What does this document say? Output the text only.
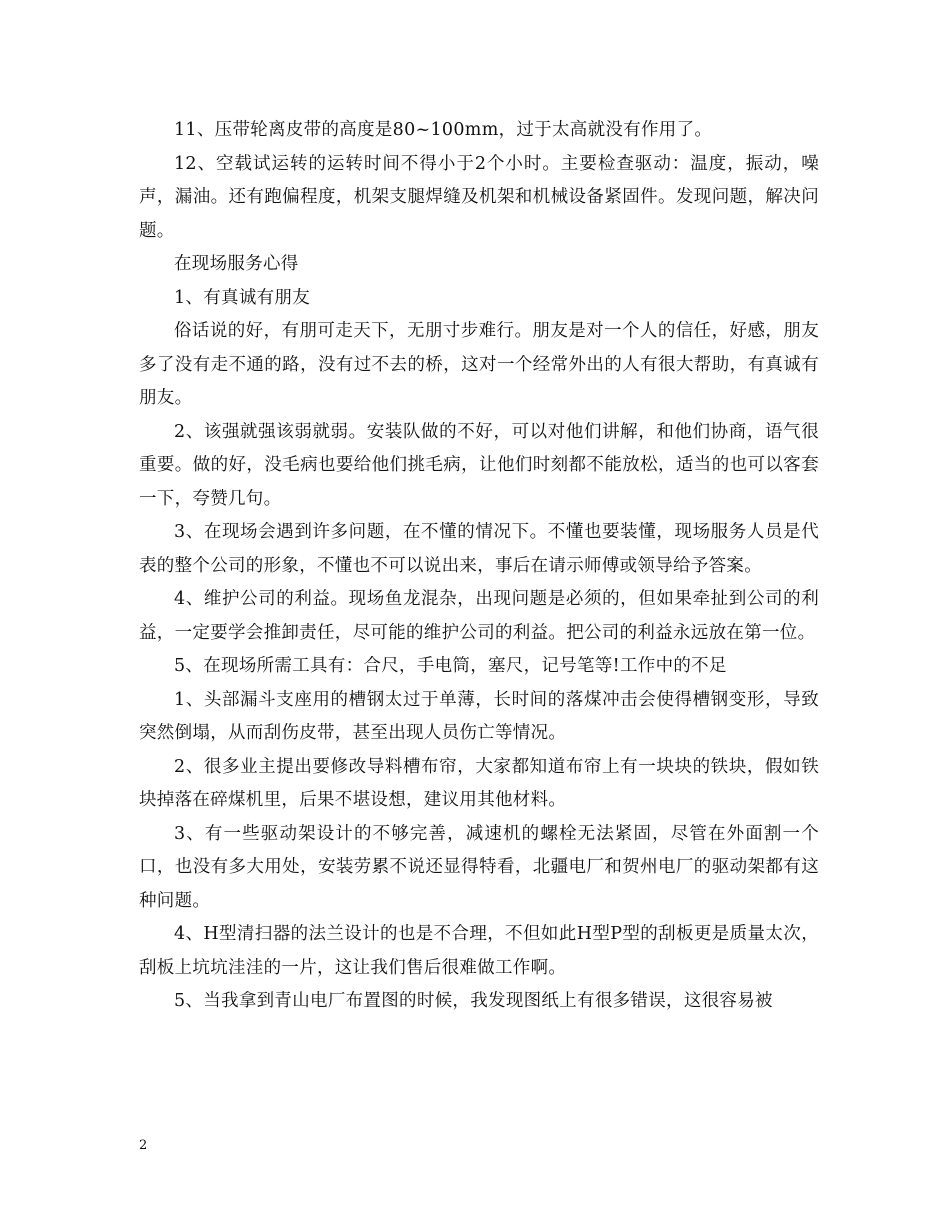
11、压带轮离皮带的高度是80~100mm，过于太高就没有作用了。

12、空载试运转的运转时间不得小于2个小时。主要检查驱动：温度，振动，噪声，漏油。还有跑偏程度，机架支腿焊缝及机架和机械设备紧固件。发现问题，解决问题。

在现场服务心得

1、有真诚有朋友

俗话说的好，有朋可走天下，无朋寸步难行。朋友是对一个人的信任，好感，朋友多了没有走不通的路，没有过不去的桥，这对一个经常外出的人有很大帮助，有真诚有朋友。

2、该强就强该弱就弱。安装队做的不好，可以对他们讲解，和他们协商，语气很重要。做的好，没毛病也要给他们挑毛病，让他们时刻都不能放松，适当的也可以客套一下，夸赞几句。

3、在现场会遇到许多问题，在不懂的情况下。不懂也要装懂，现场服务人员是代表的整个公司的形象，不懂也不可以说出来，事后在请示师傅或领导给予答案。

4、维护公司的利益。现场鱼龙混杂，出现问题是必须的，但如果牵扯到公司的利益，一定要学会推卸责任，尽可能的维护公司的利益。把公司的利益永远放在第一位。

5、在现场所需工具有：合尺，手电筒，塞尺，记号笔等!工作中的不足

1、头部漏斗支座用的槽钢太过于单薄，长时间的落煤冲击会使得槽钢变形，导致突然倒塌，从而刮伤皮带，甚至出现人员伤亡等情况。

2、很多业主提出要修改导料槽布帘，大家都知道布帘上有一块块的铁块，假如铁块掉落在碎煤机里，后果不堪设想，建议用其他材料。

3、有一些驱动架设计的不够完善，减速机的螺栓无法紧固，尽管在外面割一个口，也没有多大用处，安装劳累不说还显得特看，北疆电厂和贺州电厂的驱动架都有这种问题。

4、H型清扫器的法兰设计的也是不合理，不但如此H型P型的刮板更是质量太次，刮板上坑坑洼洼的一片，这让我们售后很难做工作啊。

5、当我拿到青山电厂布置图的时候，我发现图纸上有很多错误，这很容易被

2
